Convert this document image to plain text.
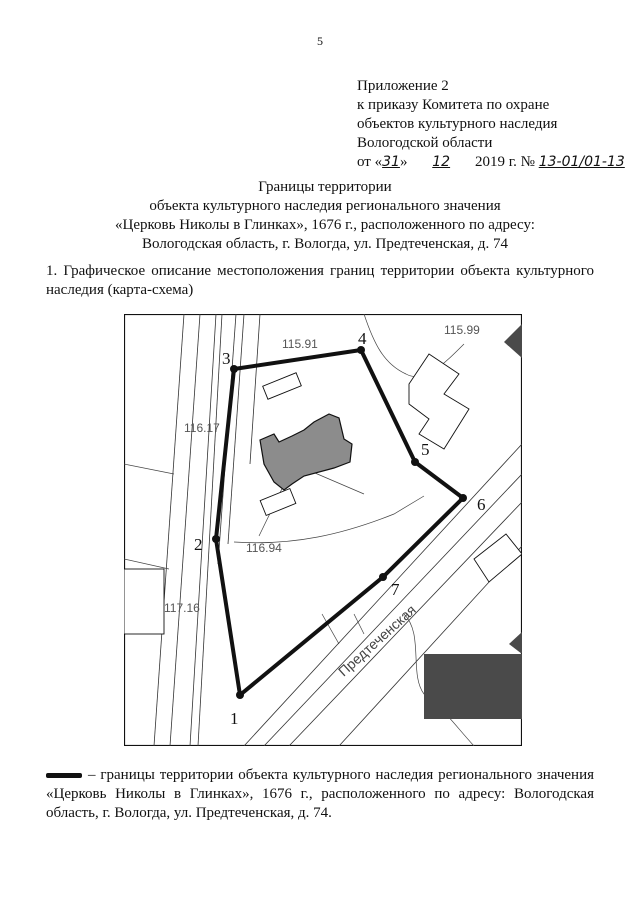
5
Приложение 2
к приказу Комитета по охране
объектов культурного наследия
Вологодской области
от «31» 12 2019 г. № 13-01/01-13
Границы территории
объекта культурного наследия регионального значения
«Церковь Николы в Глинках», 1676 г., расположенного по адресу:
Вологодская область, г. Вологда, ул. Предтеченская, д. 74
1. Графическое описание местоположения границ территории объекта культурного наследия (карта-схема)
115.91
115.99
116.17
116.94
117.16	Предтеченская
1
2
3
4
5
6
7
– границы территории объекта культурного наследия регионального значения «Церковь Николы в Глинках», 1676 г., расположенного по адресу: Вологодская область, г. Вологда, ул. Предтеченская, д. 74.
